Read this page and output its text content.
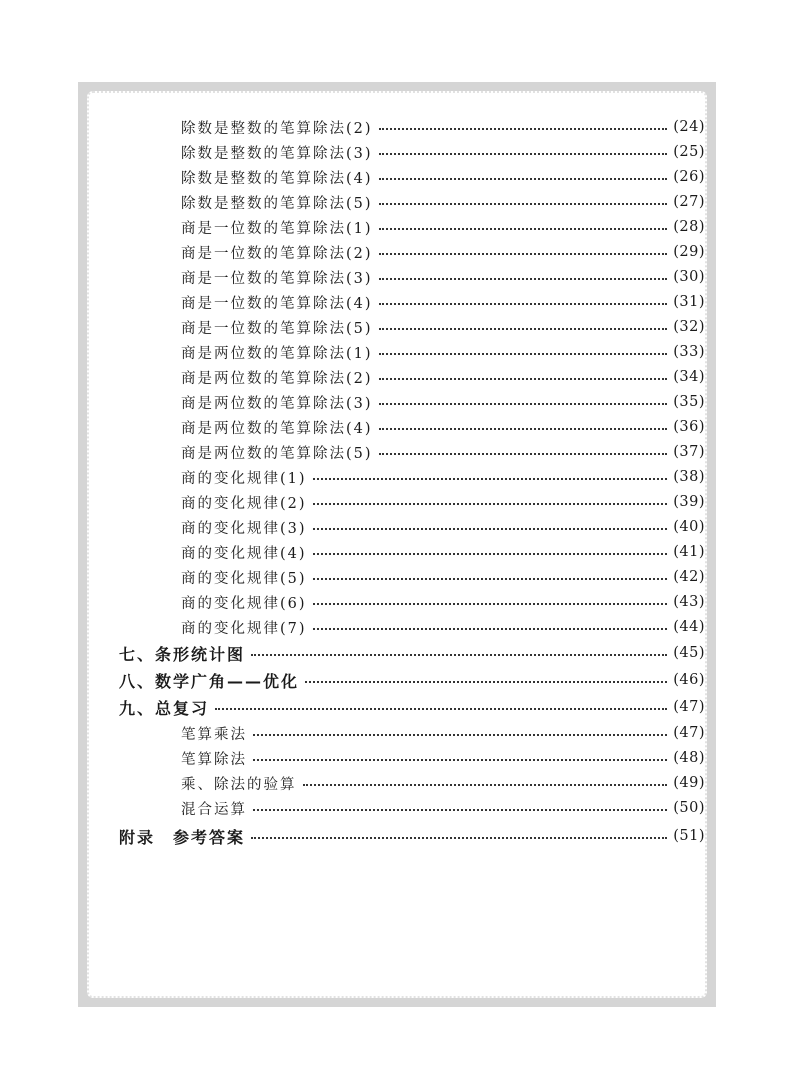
除数是整数的笔算除法(2)	(24)
除数是整数的笔算除法(3)	(25)
除数是整数的笔算除法(4)	(26)
除数是整数的笔算除法(5)	(27)
商是一位数的笔算除法(1)	(28)
商是一位数的笔算除法(2)	(29)
商是一位数的笔算除法(3)	(30)
商是一位数的笔算除法(4)	(31)
商是一位数的笔算除法(5)	(32)
商是两位数的笔算除法(1)	(33)
商是两位数的笔算除法(2)	(34)
商是两位数的笔算除法(3)	(35)
商是两位数的笔算除法(4)	(36)
商是两位数的笔算除法(5)	(37)
商的变化规律(1)	(38)
商的变化规律(2)	(39)
商的变化规律(3)	(40)
商的变化规律(4)	(41)
商的变化规律(5)	(42)
商的变化规律(6)	(43)
商的变化规律(7)	(44)
七、条形统计图	(45)
八、数学广角——优化	(46)
九、总复习	(47)
笔算乘法	(47)
笔算除法	(48)
乘、除法的验算	(49)
混合运算	(50)
附录　参考答案	(51)
